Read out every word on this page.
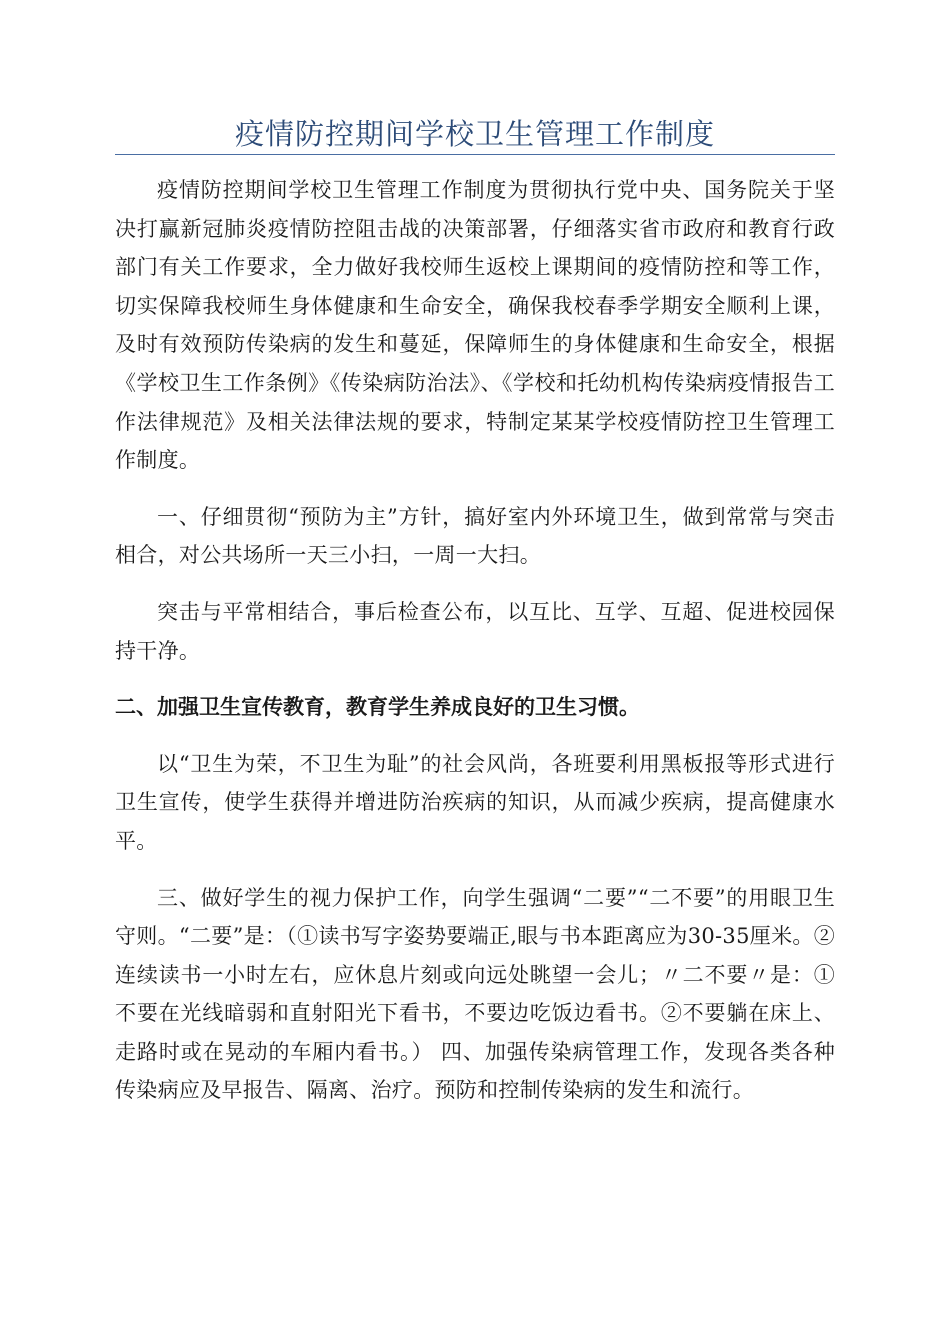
疫情防控期间学校卫生管理工作制度

疫情防控期间学校卫生管理工作制度为贯彻执行党中央、国务院关于坚决打赢新冠肺炎疫情防控阻击战的决策部署，仔细落实省市政府和教育行政部门有关工作要求，全力做好我校师生返校上课期间的疫情防控和等工作，切实保障我校师生身体健康和生命安全，确保我校春季学期安全顺利上课，及时有效预防传染病的发生和蔓延，保障师生的身体健康和生命安全，根据《学校卫生工作条例》《传染病防治法》、《学校和托幼机构传染病疫情报告工作法律规范》及相关法律法规的要求，特制定某某学校疫情防控卫生管理工作制度。

一、仔细贯彻“预防为主”方针，搞好室内外环境卫生，做到常常与突击相合，对公共场所一天三小扫，一周一大扫。

突击与平常相结合，事后检查公布，以互比、互学、互超、促进校园保持干净。

二、加强卫生宣传教育，教育学生养成良好的卫生习惯。

以“卫生为荣，不卫生为耻”的社会风尚，各班要利用黑板报等形式进行卫生宣传，使学生获得并增进防治疾病的知识，从而减少疾病，提高健康水平。

三、做好学生的视力保护工作，向学生强调“二要”“二不要”的用眼卫生守则。“二要”是：（①读书写字姿势要端正,眼与书本距离应为30-35厘米。②连续读书一小时左右，应休息片刻或向远处眺望一会儿；〃二不要〃是：①不要在光线暗弱和直射阳光下看书，不要边吃饭边看书。②不要躺在床上、走路时或在晃动的车厢内看书。） 四、加强传染病管理工作，发现各类各种传染病应及早报告、隔离、治疗。预防和控制传染病的发生和流行。
